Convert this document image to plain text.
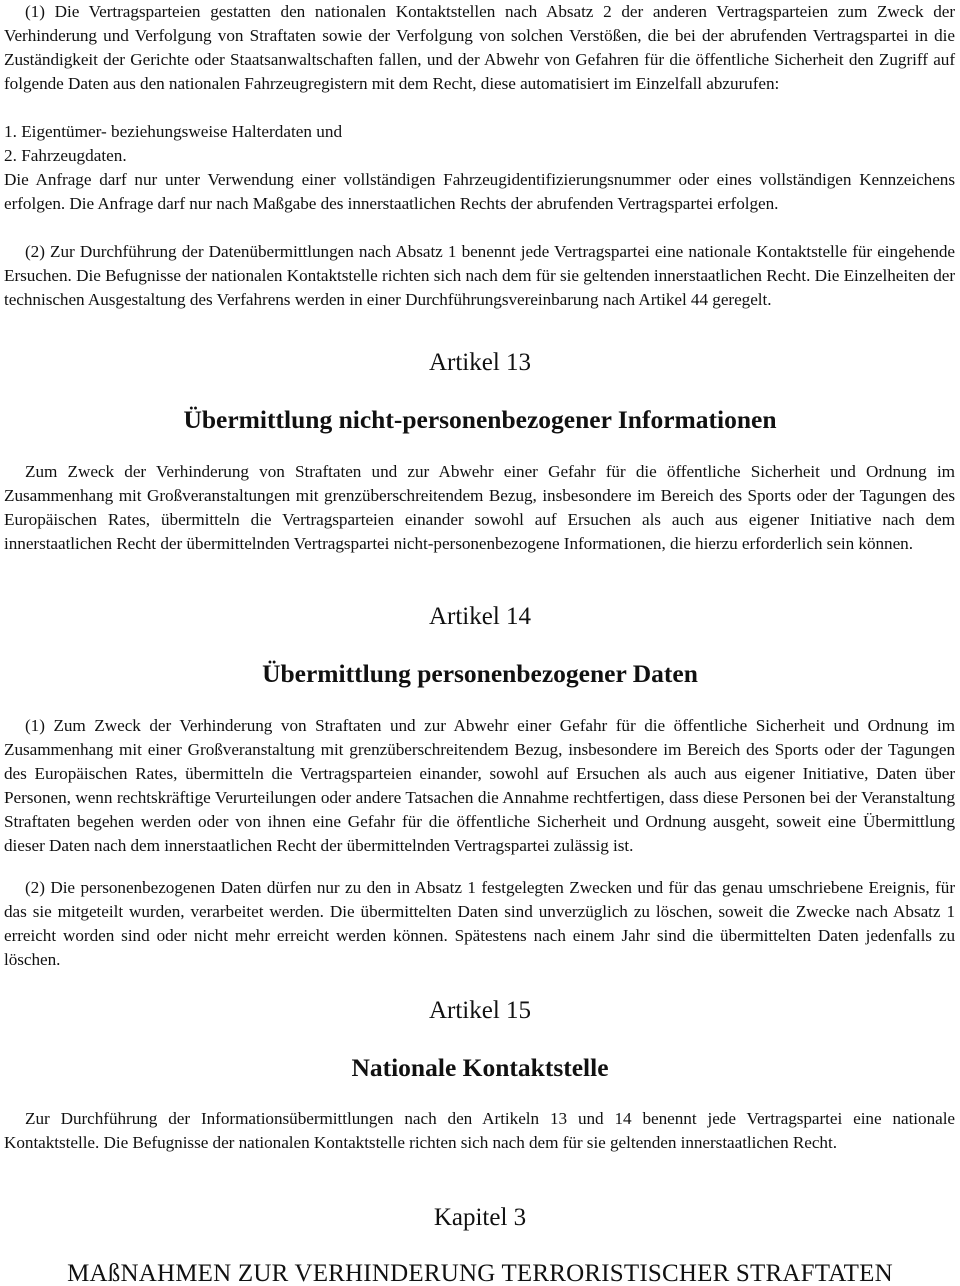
(1) Die Vertragsparteien gestatten den nationalen Kontaktstellen nach Absatz 2 der anderen Vertragsparteien zum Zweck der Verhinderung und Verfolgung von Straftaten sowie der Verfolgung von solchen Verstößen, die bei der abrufenden Vertragspartei in die Zuständigkeit der Gerichte oder Staatsanwaltschaften fallen, und der Abwehr von Gefahren für die öffentliche Sicherheit den Zugriff auf folgende Daten aus den nationalen Fahrzeugregistern mit dem Recht, diese automatisiert im Einzelfall abzurufen:

1. Eigentümer- beziehungsweise Halterdaten und

2. Fahrzeugdaten.

Die Anfrage darf nur unter Verwendung einer vollständigen Fahrzeugidentifizierungsnummer oder eines vollständigen Kennzeichens erfolgen. Die Anfrage darf nur nach Maßgabe des innerstaatlichen Rechts der abrufenden Vertragspartei erfolgen.

(2) Zur Durchführung der Datenübermittlungen nach Absatz 1 benennt jede Vertragspartei eine nationale Kontaktstelle für eingehende Ersuchen. Die Befugnisse der nationalen Kontaktstelle richten sich nach dem für sie geltenden innerstaatlichen Recht. Die Einzelheiten der technischen Ausgestaltung des Verfahrens werden in einer Durchführungsvereinbarung nach Artikel 44 geregelt.

Artikel 13
Übermittlung nicht-personenbezogener Informationen

Zum Zweck der Verhinderung von Straftaten und zur Abwehr einer Gefahr für die öffentliche Sicherheit und Ordnung im Zusammenhang mit Großveranstaltungen mit grenzüberschreitendem Bezug, insbesondere im Bereich des Sports oder der Tagungen des Europäischen Rates, übermitteln die Vertragsparteien einander sowohl auf Ersuchen als auch aus eigener Initiative nach dem innerstaatlichen Recht der übermittelnden Vertragspartei nicht-personenbezogene Informationen, die hierzu erforderlich sein können.

Artikel 14
Übermittlung personenbezogener Daten

(1) Zum Zweck der Verhinderung von Straftaten und zur Abwehr einer Gefahr für die öffentliche Sicherheit und Ordnung im Zusammenhang mit einer Großveranstaltung mit grenzüberschreitendem Bezug, insbesondere im Bereich des Sports oder der Tagungen des Europäischen Rates, übermitteln die Vertragsparteien einander, sowohl auf Ersuchen als auch aus eigener Initiative, Daten über Personen, wenn rechtskräftige Verurteilungen oder andere Tatsachen die Annahme rechtfertigen, dass diese Personen bei der Veranstaltung Straftaten begehen werden oder von ihnen eine Gefahr für die öffentliche Sicherheit und Ordnung ausgeht, soweit eine Übermittlung dieser Daten nach dem innerstaatlichen Recht der übermittelnden Vertragspartei zulässig ist.

(2) Die personenbezogenen Daten dürfen nur zu den in Absatz 1 festgelegten Zwecken und für das genau umschriebene Ereignis, für das sie mitgeteilt wurden, verarbeitet werden. Die übermittelten Daten sind unverzüglich zu löschen, soweit die Zwecke nach Absatz 1 erreicht worden sind oder nicht mehr erreicht werden können. Spätestens nach einem Jahr sind die übermittelten Daten jedenfalls zu löschen.

Artikel 15
Nationale Kontaktstelle

Zur Durchführung der Informationsübermittlungen nach den Artikeln 13 und 14 benennt jede Vertragspartei eine nationale Kontaktstelle. Die Befugnisse der nationalen Kontaktstelle richten sich nach dem für sie geltenden innerstaatlichen Recht.

Kapitel 3
MAßNAHMEN ZUR VERHINDERUNG TERRORISTISCHER STRAFTATEN
